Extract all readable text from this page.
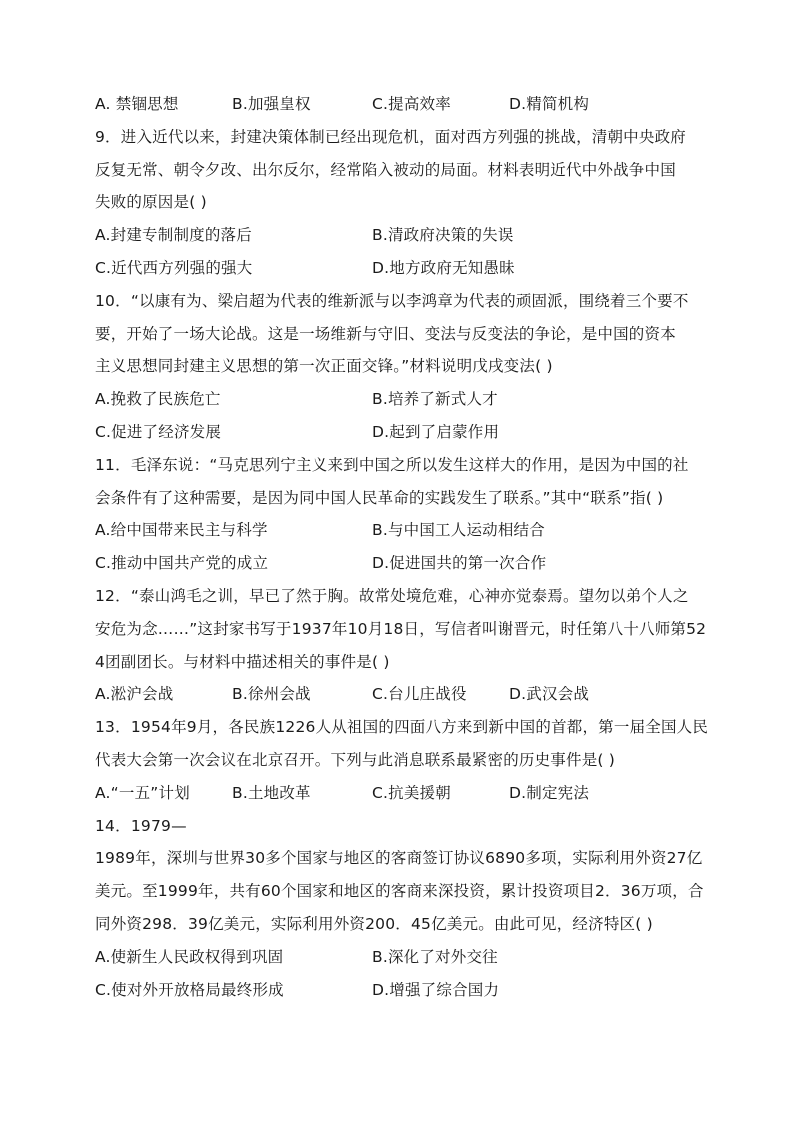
A. 禁锢思想	B.加强皇权	C.提高效率	D.精简机构
9．进入近代以来，封建决策体制已经出现危机，面对西方列强的挑战，清朝中央政府
反复无常、朝令夕改、出尔反尔，经常陷入被动的局面。材料表明近代中外战争中国
失败的原因是( )
A.封建专制制度的落后	B.清政府决策的失误
C.近代西方列强的强大	D.地方政府无知愚昧
10．“以康有为、梁启超为代表的维新派与以李鸿章为代表的顽固派，围绕着三个要不
要，开始了一场大论战。这是一场维新与守旧、变法与反变法的争论，是中国的资本
主义思想同封建主义思想的第一次正面交锋。”材料说明戊戌变法( )
A.挽救了民族危亡	B.培养了新式人才
C.促进了经济发展	D.起到了启蒙作用
11．毛泽东说：“马克思列宁主义来到中国之所以发生这样大的作用，是因为中国的社
会条件有了这种需要，是因为同中国人民革命的实践发生了联系。”其中“联系”指( )
A.给中国带来民主与科学	B.与中国工人运动相结合
C.推动中国共产党的成立	D.促进国共的第一次合作
12．“泰山鸿毛之训，早已了然于胸。故常处境危难，心神亦觉泰焉。望勿以弟个人之
安危为念……”这封家书写于1937年10月18日，写信者叫谢晋元，时任第八十八师第52
4团副团长。与材料中描述相关的事件是( )
A.淞沪会战	B.徐州会战	C.台儿庄战役	D.武汉会战
13．1954年9月，各民族1226人从祖国的四面八方来到新中国的首都，第一届全国人民
代表大会第一次会议在北京召开。下列与此消息联系最紧密的历史事件是( )
A.“一五”计划	B.土地改革	C.抗美援朝	D.制定宪法
14．1979—
1989年，深圳与世界30多个国家与地区的客商签订协议6890多项，实际利用外资27亿
美元。至1999年，共有60个国家和地区的客商来深投资，累计投资项目2．36万项，合
同外资298．39亿美元，实际利用外资200．45亿美元。由此可见，经济特区( )
A.使新生人民政权得到巩固	B.深化了对外交往
C.使对外开放格局最终形成	D.增强了综合国力
